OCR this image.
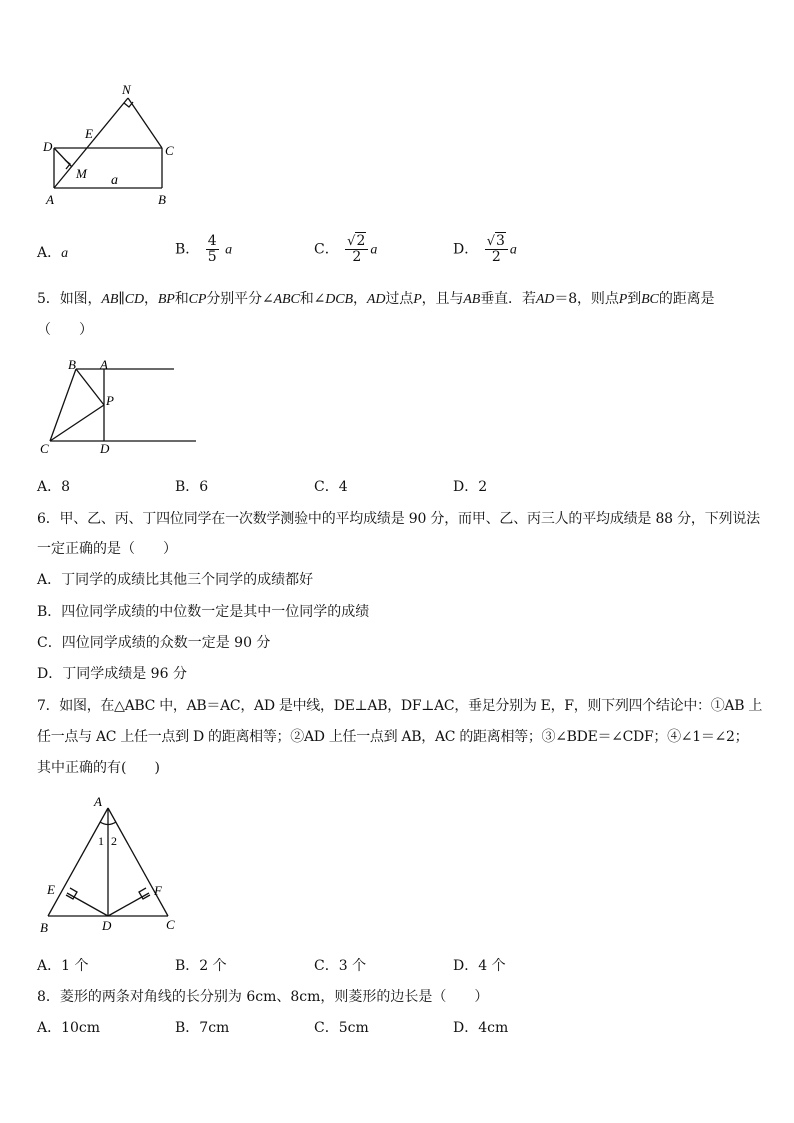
N
E
D	C
M a
A	B
A．a	B． $\frac{4}{5}$ a	C． $\frac{√2}{2}$ a	D． $\frac{√3}{2}$ a
5．如图，AB∥CD，BP和CP分别平分∠ABC和∠DCB，AD过点P，且与AB垂直．若AD＝8，则点P到BC的距离是
（　　）
B A
P
C	D
A．8	B．6	C．4	D．2
6．甲、乙、丙、丁四位同学在一次数学测验中的平均成绩是 90 分，而甲、乙、丙三人的平均成绩是 88 分，下列说法
一定正确的是（　　）
A．丁同学的成绩比其他三个同学的成绩都好
B．四位同学成绩的中位数一定是其中一位同学的成绩
C．四位同学成绩的众数一定是 90 分
D．丁同学成绩是 96 分
7．如图，在△ABC 中，AB＝AC，AD 是中线，DE⊥AB，DF⊥AC，垂足分别为 E，F，则下列四个结论中：①AB 上
任一点与 AC 上任一点到 D 的距离相等；②AD 上任一点到 AB，AC 的距离相等；③∠BDE＝∠CDF；④∠1＝∠2；
其中正确的有(　　)
A
1 2
E	F
B	D	C
A．1 个	B．2 个	C．3 个	D．4 个
8．菱形的两条对角线的长分别为 6cm、8cm，则菱形的边长是（　　）
A．10cm	B．7cm	C．5cm	D．4cm
